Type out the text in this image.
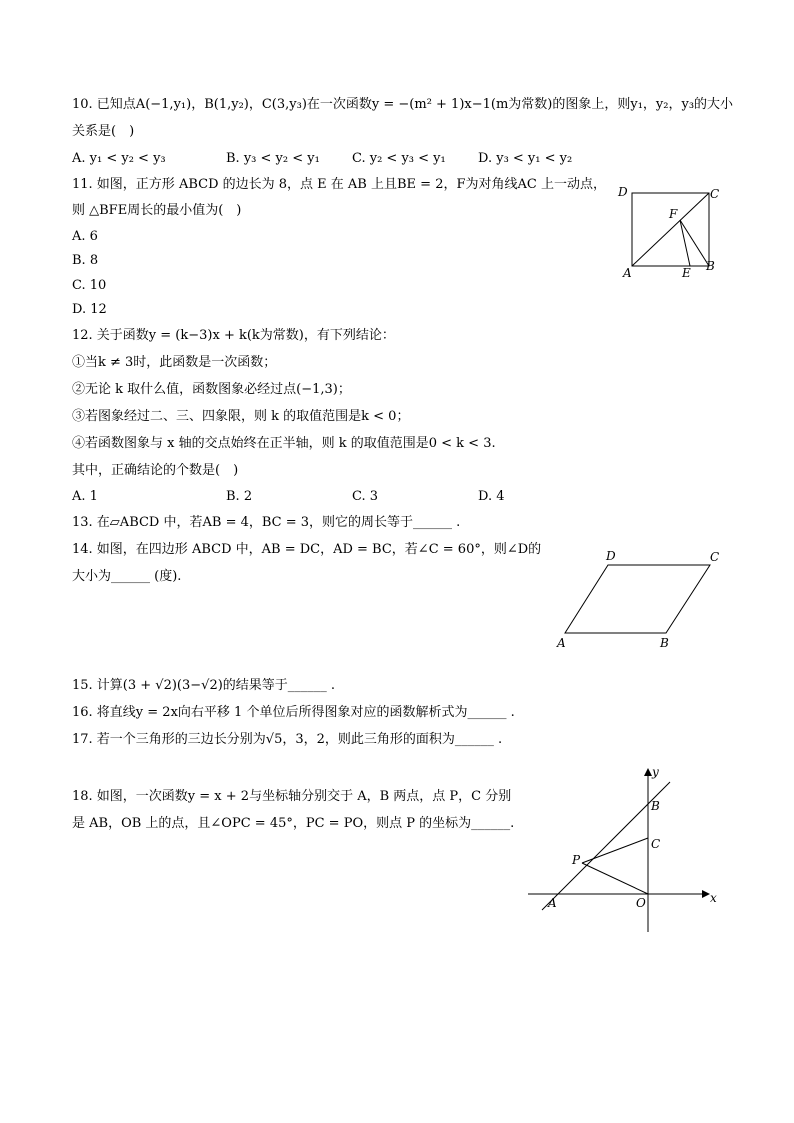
10. 已知点A(−1,y₁)，B(1,y₂)，C(3,y₃)在一次函数y = −(m² + 1)x−1(m为常数)的图象上，则y₁，y₂，y₃的大小
关系是(　)
A. y₁ < y₂ < y₃	B. y₃ < y₂ < y₁ C. y₂ < y₃ < y₁ D. y₃ < y₁ < y₂
11. 如图，正方形 ABCD 的边长为 8，点 E 在 AB 上且BE = 2，F为对角线AC 上一动点，
则 △BFE周长的最小值为(　)
A. 6
B. 8
C. 10
D. 12
D	C
F
A	E B
12. 关于函数y = (k−3)x + k(k为常数)，有下列结论：
①当k ≠ 3时，此函数是一次函数；
②无论 k 取什么值，函数图象必经过点(−1,3)；
③若图象经过二、三、四象限，则 k 的取值范围是k < 0；
④若函数图象与 x 轴的交点始终在正半轴，则 k 的取值范围是0 < k < 3.
其中，正确结论的个数是(　)
A. 1	B. 2	C. 3	D. 4
13. 在▱ABCD 中，若AB = 4，BC = 3，则它的周长等于______ .
14. 如图，在四边形 ABCD 中，AB = DC，AD = BC，若∠C = 60°，则∠D的
大小为______ (度).
D	C
A	B
15. 计算(3 + √2)(3−√2)的结果等于______ .
16. 将直线y = 2x向右平移 1 个单位后所得图象对应的函数解析式为______ .
17. 若一个三角形的三边长分别为√5，3，2，则此三角形的面积为______ .
18. 如图，一次函数y = x + 2与坐标轴分别交于 A，B 两点，点 P，C 分别
是 AB，OB 上的点，且∠OPC = 45°，PC = PO，则点 P 的坐标为______.
y
B
C
P
A	O	x
